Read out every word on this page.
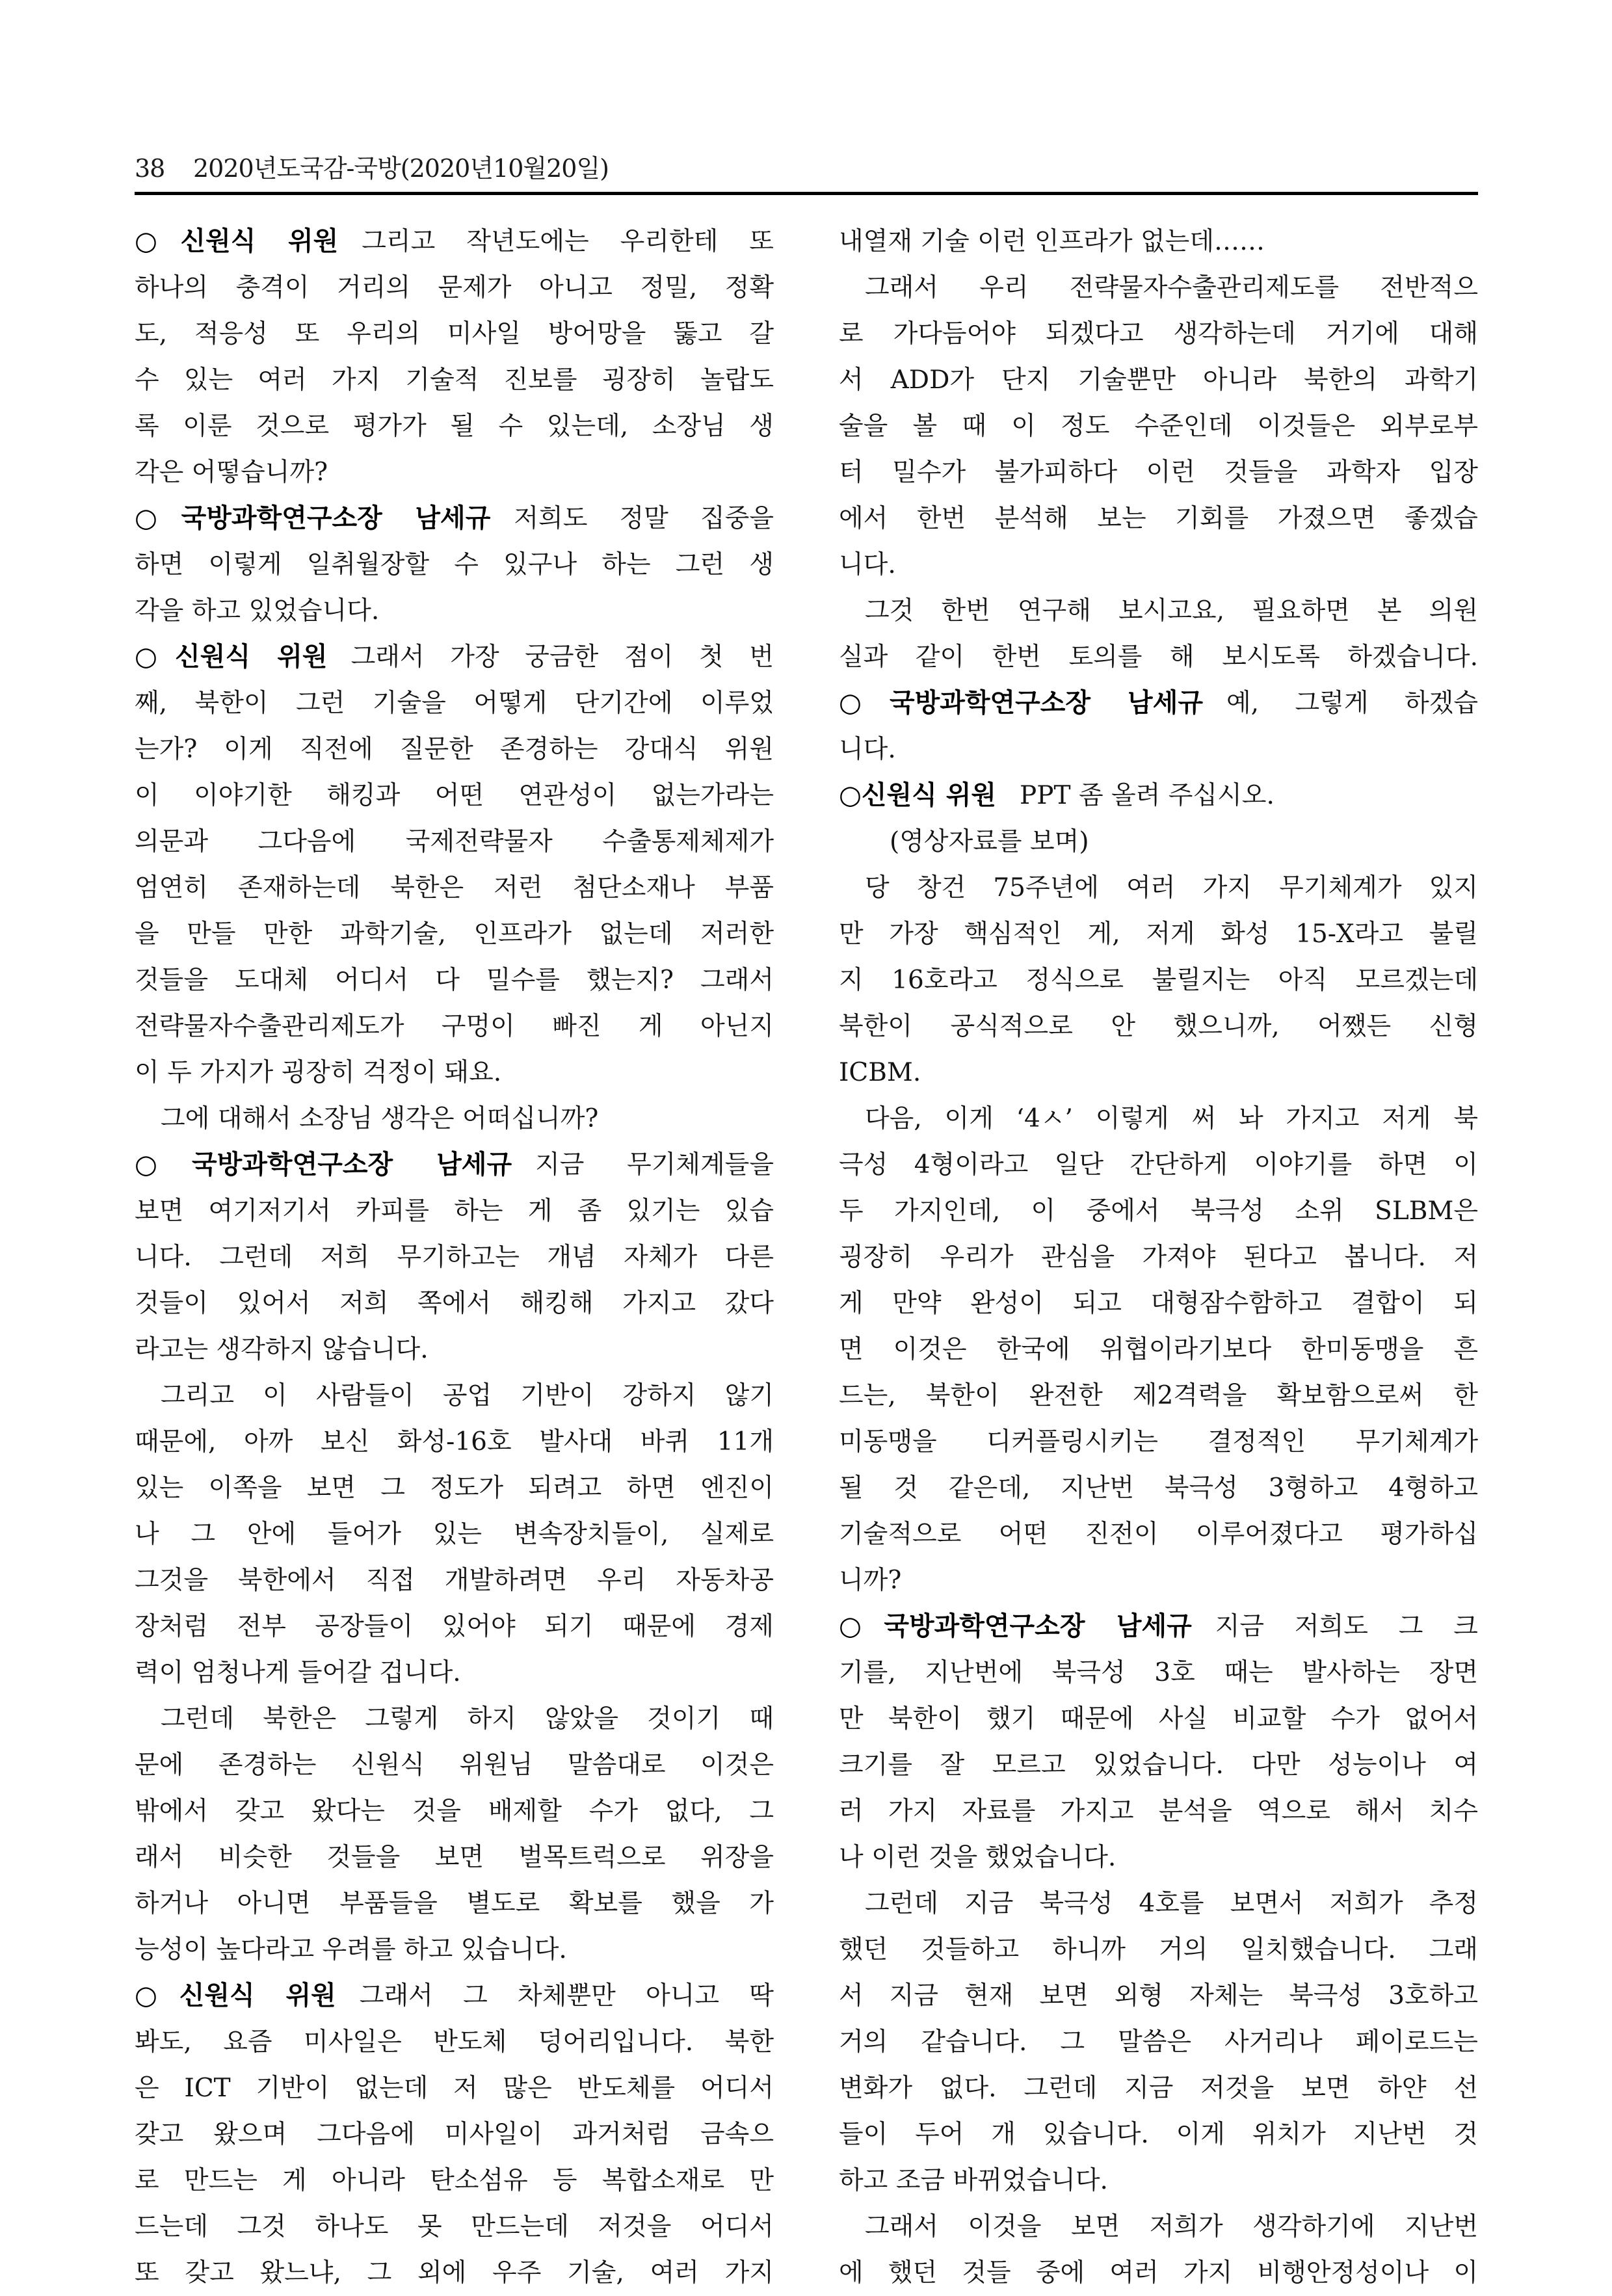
38 2020년도국감-국방(2020년10월20일)
○신원식 위원 그리고 작년도에는 우리한테 또
하나의 충격이 거리의 문제가 아니고 정밀, 정확
도, 적응성 또 우리의 미사일 방어망을 뚫고 갈
수 있는 여러 가지 기술적 진보를 굉장히 놀랍도
록 이룬 것으로 평가가 될 수 있는데, 소장님 생
각은 어떻습니까?
○국방과학연구소장 남세규 저희도 정말 집중을
하면 이렇게 일취월장할 수 있구나 하는 그런 생
각을 하고 있었습니다.
○신원식 위원 그래서 가장 궁금한 점이 첫 번
째, 북한이 그런 기술을 어떻게 단기간에 이루었
는가? 이게 직전에 질문한 존경하는 강대식 위원
이 이야기한 해킹과 어떤 연관성이 없는가라는
의문과 그다음에 국제전략물자 수출통제체제가
엄연히 존재하는데 북한은 저런 첨단소재나 부품
을 만들 만한 과학기술, 인프라가 없는데 저러한
것들을 도대체 어디서 다 밀수를 했는지? 그래서
전략물자수출관리제도가 구멍이 빠진 게 아닌지
이 두 가지가 굉장히 걱정이 돼요.
그에 대해서 소장님 생각은 어떠십니까?
○국방과학연구소장 남세규 지금 무기체계들을
보면 여기저기서 카피를 하는 게 좀 있기는 있습
니다. 그런데 저희 무기하고는 개념 자체가 다른
것들이 있어서 저희 쪽에서 해킹해 가지고 갔다
라고는 생각하지 않습니다.
그리고 이 사람들이 공업 기반이 강하지 않기
때문에, 아까 보신 화성-16호 발사대 바퀴 11개
있는 이쪽을 보면 그 정도가 되려고 하면 엔진이
나 그 안에 들어가 있는 변속장치들이, 실제로
그것을 북한에서 직접 개발하려면 우리 자동차공
장처럼 전부 공장들이 있어야 되기 때문에 경제
력이 엄청나게 들어갈 겁니다.
그런데 북한은 그렇게 하지 않았을 것이기 때
문에 존경하는 신원식 위원님 말씀대로 이것은
밖에서 갖고 왔다는 것을 배제할 수가 없다, 그
래서 비슷한 것들을 보면 벌목트럭으로 위장을
하거나 아니면 부품들을 별도로 확보를 했을 가
능성이 높다라고 우려를 하고 있습니다.
○신원식 위원 그래서 그 차체뿐만 아니고 딱
봐도, 요즘 미사일은 반도체 덩어리입니다. 북한
은 ICT 기반이 없는데 저 많은 반도체를 어디서
갖고 왔으며 그다음에 미사일이 과거처럼 금속으
로 만드는 게 아니라 탄소섬유 등 복합소재로 만
드는데 그것 하나도 못 만드는데 저것을 어디서
또 갖고 왔느냐, 그 외에 우주 기술, 여러 가지
내열재 기술 이런 인프라가 없는데……
그래서 우리 전략물자수출관리제도를 전반적으
로 가다듬어야 되겠다고 생각하는데 거기에 대해
서 ADD가 단지 기술뿐만 아니라 북한의 과학기
술을 볼 때 이 정도 수준인데 이것들은 외부로부
터 밀수가 불가피하다 이런 것들을 과학자 입장
에서 한번 분석해 보는 기회를 가졌으면 좋겠습
니다.
그것 한번 연구해 보시고요, 필요하면 본 의원
실과 같이 한번 토의를 해 보시도록 하겠습니다.
○국방과학연구소장 남세규 예, 그렇게 하겠습
니다.
○신원식 위원 PPT 좀 올려 주십시오.
(영상자료를 보며)
당 창건 75주년에 여러 가지 무기체계가 있지
만 가장 핵심적인 게, 저게 화성 15-X라고 불릴
지 16호라고 정식으로 불릴지는 아직 모르겠는데
북한이 공식적으로 안 했으니까, 어쨌든 신형
ICBM.
다음, 이게 ‘4ㅅ’ 이렇게 써 놔 가지고 저게 북
극성 4형이라고 일단 간단하게 이야기를 하면 이
두 가지인데, 이 중에서 북극성 소위 SLBM은
굉장히 우리가 관심을 가져야 된다고 봅니다. 저
게 만약 완성이 되고 대형잠수함하고 결합이 되
면 이것은 한국에 위협이라기보다 한미동맹을 흔
드는, 북한이 완전한 제2격력을 확보함으로써 한
미동맹을 디커플링시키는 결정적인 무기체계가
될 것 같은데, 지난번 북극성 3형하고 4형하고
기술적으로 어떤 진전이 이루어졌다고 평가하십
니까?
○국방과학연구소장 남세규 지금 저희도 그 크
기를, 지난번에 북극성 3호 때는 발사하는 장면
만 북한이 했기 때문에 사실 비교할 수가 없어서
크기를 잘 모르고 있었습니다. 다만 성능이나 여
러 가지 자료를 가지고 분석을 역으로 해서 치수
나 이런 것을 했었습니다.
그런데 지금 북극성 4호를 보면서 저희가 추정
했던 것들하고 하니까 거의 일치했습니다. 그래
서 지금 현재 보면 외형 자체는 북극성 3호하고
거의 같습니다. 그 말씀은 사거리나 페이로드는
변화가 없다. 그런데 지금 저것을 보면 하얀 선
들이 두어 개 있습니다. 이게 위치가 지난번 것
하고 조금 바뀌었습니다.
그래서 이것을 보면 저희가 생각하기에 지난번
에 했던 것들 중에 여러 가지 비행안정성이나 이
